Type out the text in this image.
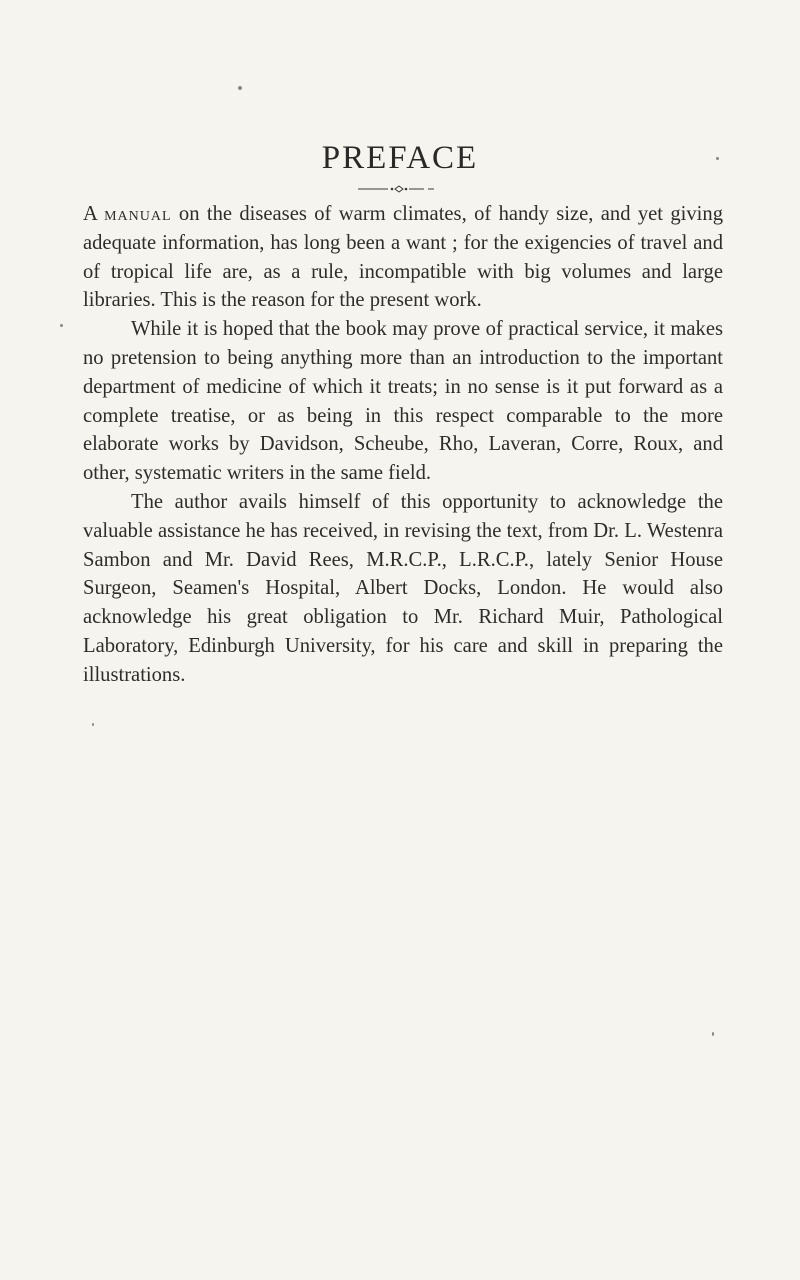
PREFACE

A manual on the diseases of warm climates, of handy size, and yet giving adequate information, has long been a want ; for the exigencies of travel and of tropical life are, as a rule, incompatible with big volumes and large libraries. This is the reason for the present work.

While it is hoped that the book may prove of practical service, it makes no pretension to being anything more than an introduction to the important department of medicine of which it treats; in no sense is it put forward as a complete treatise, or as being in this respect comparable to the more elaborate works by Davidson, Scheube, Rho, Laveran, Corre, Roux, and other, systematic writers in the same field.

The author avails himself of this opportunity to acknowledge the valuable assistance he has received, in revising the text, from Dr. L. Westenra Sambon and Mr. David Rees, M.R.C.P., L.R.C.P., lately Senior House Surgeon, Seamen's Hospital, Albert Docks, London. He would also acknowledge his great obligation to Mr. Richard Muir, Pathological Laboratory, Edinburgh University, for his care and skill in preparing the illustrations.
